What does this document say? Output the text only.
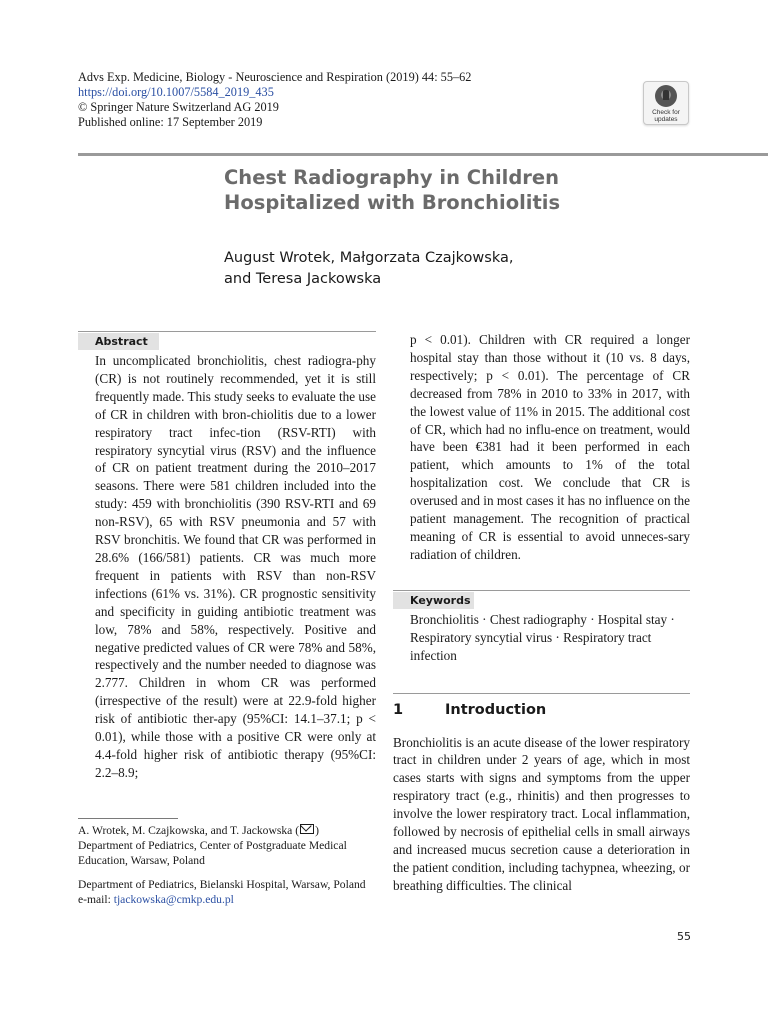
Advs Exp. Medicine, Biology - Neuroscience and Respiration (2019) 44: 55–62
https://doi.org/10.1007/5584_2019_435
© Springer Nature Switzerland AG 2019
Published online: 17 September 2019
Check for
updates
Chest Radiography in Children
Hospitalized with Bronchiolitis

August Wrotek, Małgorzata Czajkowska,
and Teresa Jackowska

Abstract

In uncomplicated bronchiolitis, chest radiogra-phy (CR) is not routinely recommended, yet it is still frequently made. This study seeks to evaluate the use of CR in children with bron-chiolitis due to a lower respiratory tract infec-tion (RSV-RTI) with respiratory syncytial virus (RSV) and the influence of CR on patient treatment during the 2010–2017 seasons. There were 581 children included into the study: 459 with bronchiolitis (390 RSV-RTI and 69 non-RSV), 65 with RSV pneumonia and 57 with RSV bronchitis. We found that CR was performed in 28.6% (166/581) patients. CR was much more frequent in patients with RSV than non-RSV infections (61% vs. 31%). CR prognostic sensitivity and specificity in guiding antibiotic treatment was low, 78% and 58%, respectively. Positive and negative predicted values of CR were 78% and 58%, respectively and the number needed to diagnose was 2.777. Children in whom CR was performed (irrespective of the result) were at 22.9-fold higher risk of antibiotic ther-apy (95%CI: 14.1–37.1; p < 0.01), while those with a positive CR were only at 4.4-fold higher risk of antibiotic therapy (95%CI: 2.2–8.9;

p < 0.01). Children with CR required a longer hospital stay than those without it (10 vs. 8 days, respectively; p < 0.01). The percentage of CR decreased from 78% in 2010 to 33% in 2017, with the lowest value of 11% in 2015. The additional cost of CR, which had no influ-ence on treatment, would have been €381 had it been performed in each patient, which amounts to 1% of the total hospitalization cost. We conclude that CR is overused and in most cases it has no influence on the patient management. The recognition of practical meaning of CR is essential to avoid unneces-sary radiation of children.

Keywords

Bronchiolitis · Chest radiography · Hospital stay · Respiratory syncytial virus · Respiratory tract infection

1	Introduction

Bronchiolitis is an acute disease of the lower respiratory tract in children under 2 years of age, which in most cases starts with signs and symptoms from the upper respiratory tract (e.g., rhinitis) and then progresses to involve the lower respiratory tract. Local inflammation, followed by necrosis of epithelial cells in small airways and increased mucus secretion cause a deterioration in the patient condition, including tachypnea, wheezing, or breathing difficulties. The clinical

A. Wrotek, M. Czajkowska, and T. Jackowska ( )
Department of Pediatrics, Center of Postgraduate Medical Education, Warsaw, Poland

Department of Pediatrics, Bielanski Hospital, Warsaw, Poland
e-mail: tjackowska@cmkp.edu.pl

55
